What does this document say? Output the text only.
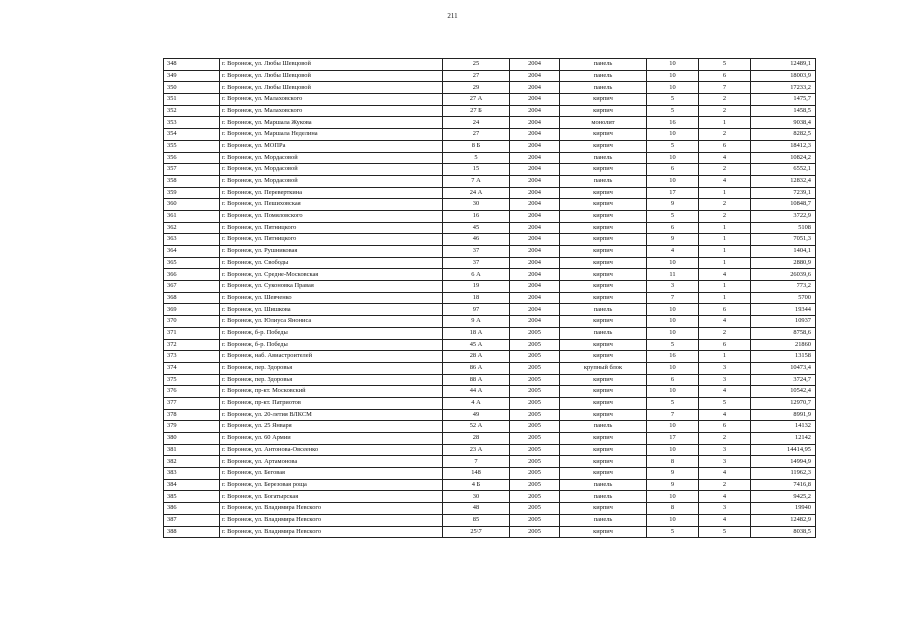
211
348	г. Воронеж, ул. Любы Шевцовой	25	2004	панель	10	5	12489,1
349	г. Воронеж, ул. Любы Шевцовой	27	2004	панель	10	6	18003,9
350	г. Воронеж, ул. Любы Шевцовой	29	2004	панель	10	7	17233,2
351	г. Воронеж, ул. Малаховского	27 А	2004	кирпич	5	2	1475,7
352	г. Воронеж, ул. Малаховского	27 Б	2004	кирпич	5	2	1458,5
353	г. Воронеж, ул. Маршала Жукова	24	2004	монолит	16	1	9038,4
354	г. Воронеж, ул. Маршала Неделина	27	2004	кирпич	10	2	8282,5
355	г. Воронеж, ул. МОПРа	8 Б	2004	кирпич	5	6	18412,3
356	г. Воронеж, ул. Мордасовой	5	2004	панель	10	4	10824,2
357	г. Воронеж, ул. Мордасовой	15	2004	кирпич	6	2	6552,1
358	г. Воронеж, ул. Мордасовой	7 А	2004	панель	10	4	12832,4
359	г. Воронеж, ул. Переверткина	24 А	2004	кирпич	17	1	7239,1
360	г. Воронеж, ул. Пешиховская	30	2004	кирпич	9	2	10848,7
361	г. Воронеж, ул. Помяловского	16	2004	кирпич	5	2	3722,9
362	г. Воронеж, ул. Пятницкого	45	2004	кирпич	6	1	5108
363	г. Воронеж, ул. Пятницкого	46	2004	кирпич	9	1	7051,3
364	г. Воронеж, ул. Рушниковая	37	2004	кирпич	4	1	1404,1
365	г. Воронеж, ул. Свободы	37	2004	кирпич	10	1	2880,9
366	г. Воронеж, ул. Средне-Московская	6 А	2004	кирпич	11	4	26039,6
367	г. Воронеж, ул. Суконовка Правая	19	2004	кирпич	3	1	773,2
368	г. Воронеж, ул. Шевченко	18	2004	кирпич	7	1	5700
369	г. Воронеж, ул. Шишкова	97	2004	панель	10	6	19344
370	г. Воронеж, ул. Юлиуса Янониса	9 А	2004	кирпич	10	4	10937
371	г. Воронеж, б-р. Победы	18 А	2005	панель	10	2	8758,6
372	г. Воронеж, б-р. Победы	45 А	2005	кирпич	5	6	21860
373	г. Воронеж, наб. Авиастроителей	28 А	2005	кирпич	16	1	13158
374	г. Воронеж, пер. Здоровья	86 А	2005	крупный блок	10	3	10473,4
375	г. Воронеж, пер. Здоровья	88 А	2005	кирпич	6	3	3724,7
376	г. Воронеж, пр-кт. Московский	44 А	2005	кирпич	10	4	10542,4
377	г. Воронеж, пр-кт. Патриотов	4 А	2005	кирпич	5	5	12970,7
378	г. Воронеж, ул. 20-летия ВЛКСМ	49	2005	кирпич	7	4	8991,9
379	г. Воронеж, ул. 25 Января	52 А	2005	панель	10	6	14132
380	г. Воронеж, ул. 60 Армии	28	2005	кирпич	17	2	12142
381	г. Воронеж, ул. Антонова-Овсеенко	23 А	2005	кирпич	10	3	14414,95
382	г. Воронеж, ул. Артамонова	7	2005	кирпич	8	3	14994,9
383	г. Воронеж, ул. Беговая	148	2005	кирпич	9	4	11962,3
384	г. Воронеж, ул. Березовая роща	4 Б	2005	панель	9	2	7416,8
385	г. Воронеж, ул. Богатырская	30	2005	панель	10	4	9425,2
386	г. Воронеж, ул. Владимира Невского	48	2005	кирпич	8	3	19940
387	г. Воронеж, ул. Владимира Невского	85	2005	панель	10	4	12482,9
388	г. Воронеж, ул. Владимира Невского	25\7	2005	кирпич	5	5	8038,5
